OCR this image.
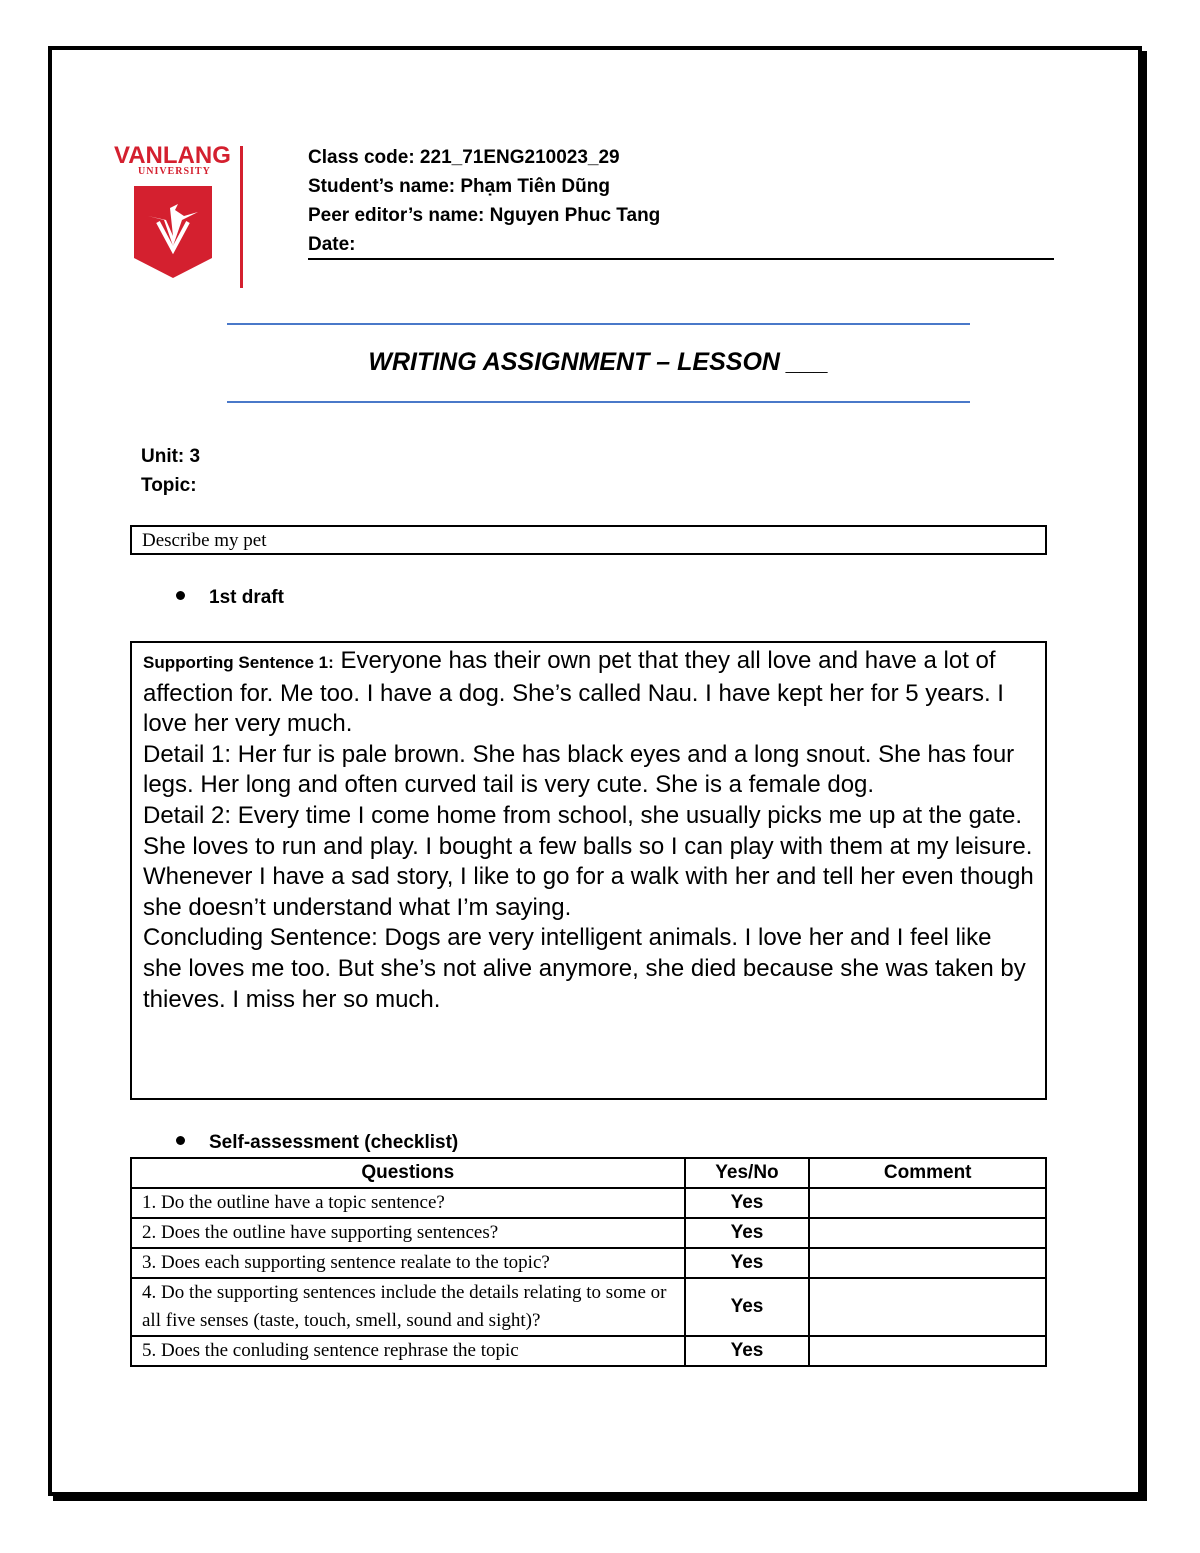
VANLANG
UNIVERSITY
Class code: 221_71ENG210023_29
Student’s name: Phạm Tiên Dũng
Peer editor’s name: Nguyen Phuc Tang
Date:
WRITING ASSIGNMENT – LESSON ___
Unit: 3
Topic:
Describe my pet
1st draft

Supporting Sentence 1: Everyone has their own pet that they all love and have a lot of affection for. Me too. I have a dog. She’s called Nau. I have kept her for 5 years. I love her very much.

Detail 1: Her fur is pale brown. She has black eyes and a long snout. She has four legs. Her long and often curved tail is very cute. She is a female dog.

Detail 2: Every time I come home from school, she usually picks me up at the gate. She loves to run and play. I bought a few balls so I can play with them at my leisure. Whenever I have a sad story, I like to go for a walk with her and tell her even though she doesn’t understand what I’m saying.

Concluding Sentence: Dogs are very intelligent animals. I love her and I feel like she loves me too. But she’s not alive anymore, she died because she was taken by thieves. I miss her so much.

Self-assessment (checklist)
Questions	Yes/No	Comment
1. Do the outline have a topic sentence?	Yes	
2. Does the outline have supporting sentences?	Yes	
3. Does each supporting sentence realate to the topic?	Yes	
4. Do the supporting sentences include the details relating to some or all five senses (taste, touch, smell, sound and sight)?	Yes	
5. Does the conluding sentence rephrase the topic	Yes	
